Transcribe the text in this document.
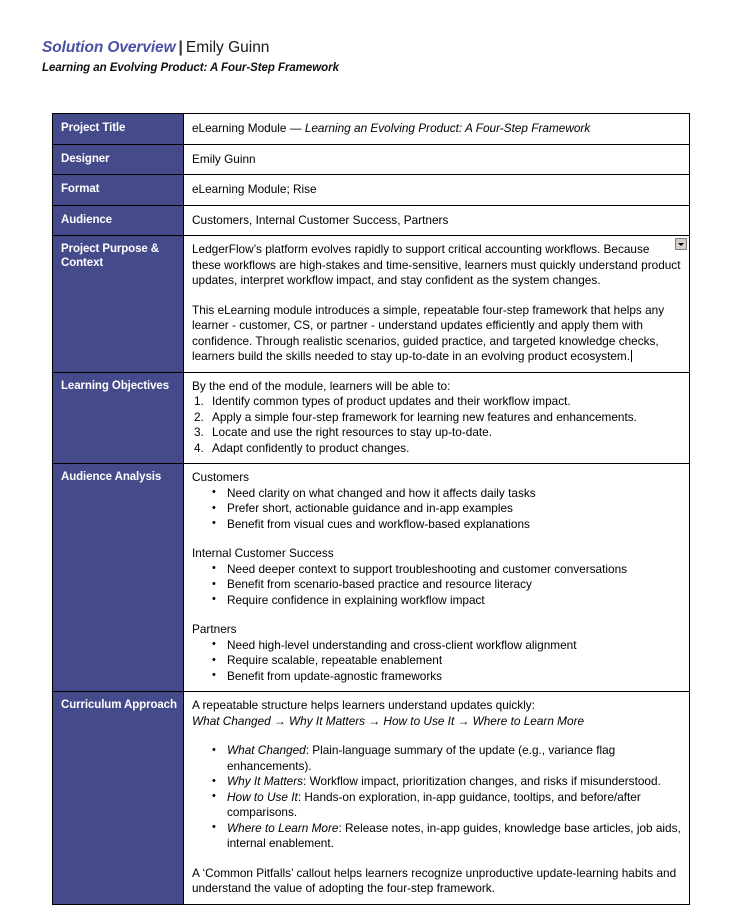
Solution Overview | Emily Guinn
Learning an Evolving Product: A Four-Step Framework
Project Title	eLearning Module — Learning an Evolving Product: A Four-Step Framework
Designer	Emily Guinn
Format	eLearning Module; Rise
Audience	Customers, Internal Customer Success, Partners
Project Purpose & Context	LedgerFlow’s platform evolves rapidly to support critical accounting workflows. Because these workflows are high-stakes and time-sensitive, learners must quickly understand product updates, interpret workflow impact, and stay confident as the system changes.

This eLearning module introduces a simple, repeatable four-step framework that helps any learner - customer, CS, or partner - understand updates efficiently and apply them with confidence. Through realistic scenarios, guided practice, and targeted knowledge checks, learners build the skills needed to stay up-to-date in an evolving product ecosystem.

Learning Objectives	By the end of the module, learners will be able to:
1. Identify common types of product updates and their workflow impact.
2. Apply a simple four-step framework for learning new features and enhancements.
3. Locate and use the right resources to stay up-to-date.
4. Adapt confidently to product changes.

Audience Analysis	Customers
• Need clarity on what changed and how it affects daily tasks
• Prefer short, actionable guidance and in-app examples
• Benefit from visual cues and workflow-based explanations
Internal Customer Success
• Need deeper context to support troubleshooting and customer conversations
• Benefit from scenario-based practice and resource literacy
• Require confidence in explaining workflow impact
Partners
• Need high-level understanding and cross-client workflow alignment
• Require scalable, repeatable enablement
• Benefit from update-agnostic frameworks

Curriculum Approach	A repeatable structure helps learners understand updates quickly:
What Changed → Why It Matters → How to Use It → Where to Learn More
• What Changed: Plain-language summary of the update (e.g., variance flag enhancements).
• Why It Matters: Workflow impact, prioritization changes, and risks if misunderstood.
• How to Use It: Hands-on exploration, in-app guidance, tooltips, and before/after comparisons.
• Where to Learn More: Release notes, in-app guides, knowledge base articles, job aids, internal enablement.

A ‘Common Pitfalls’ callout helps learners recognize unproductive update-learning habits and understand the value of adopting the four-step framework.
